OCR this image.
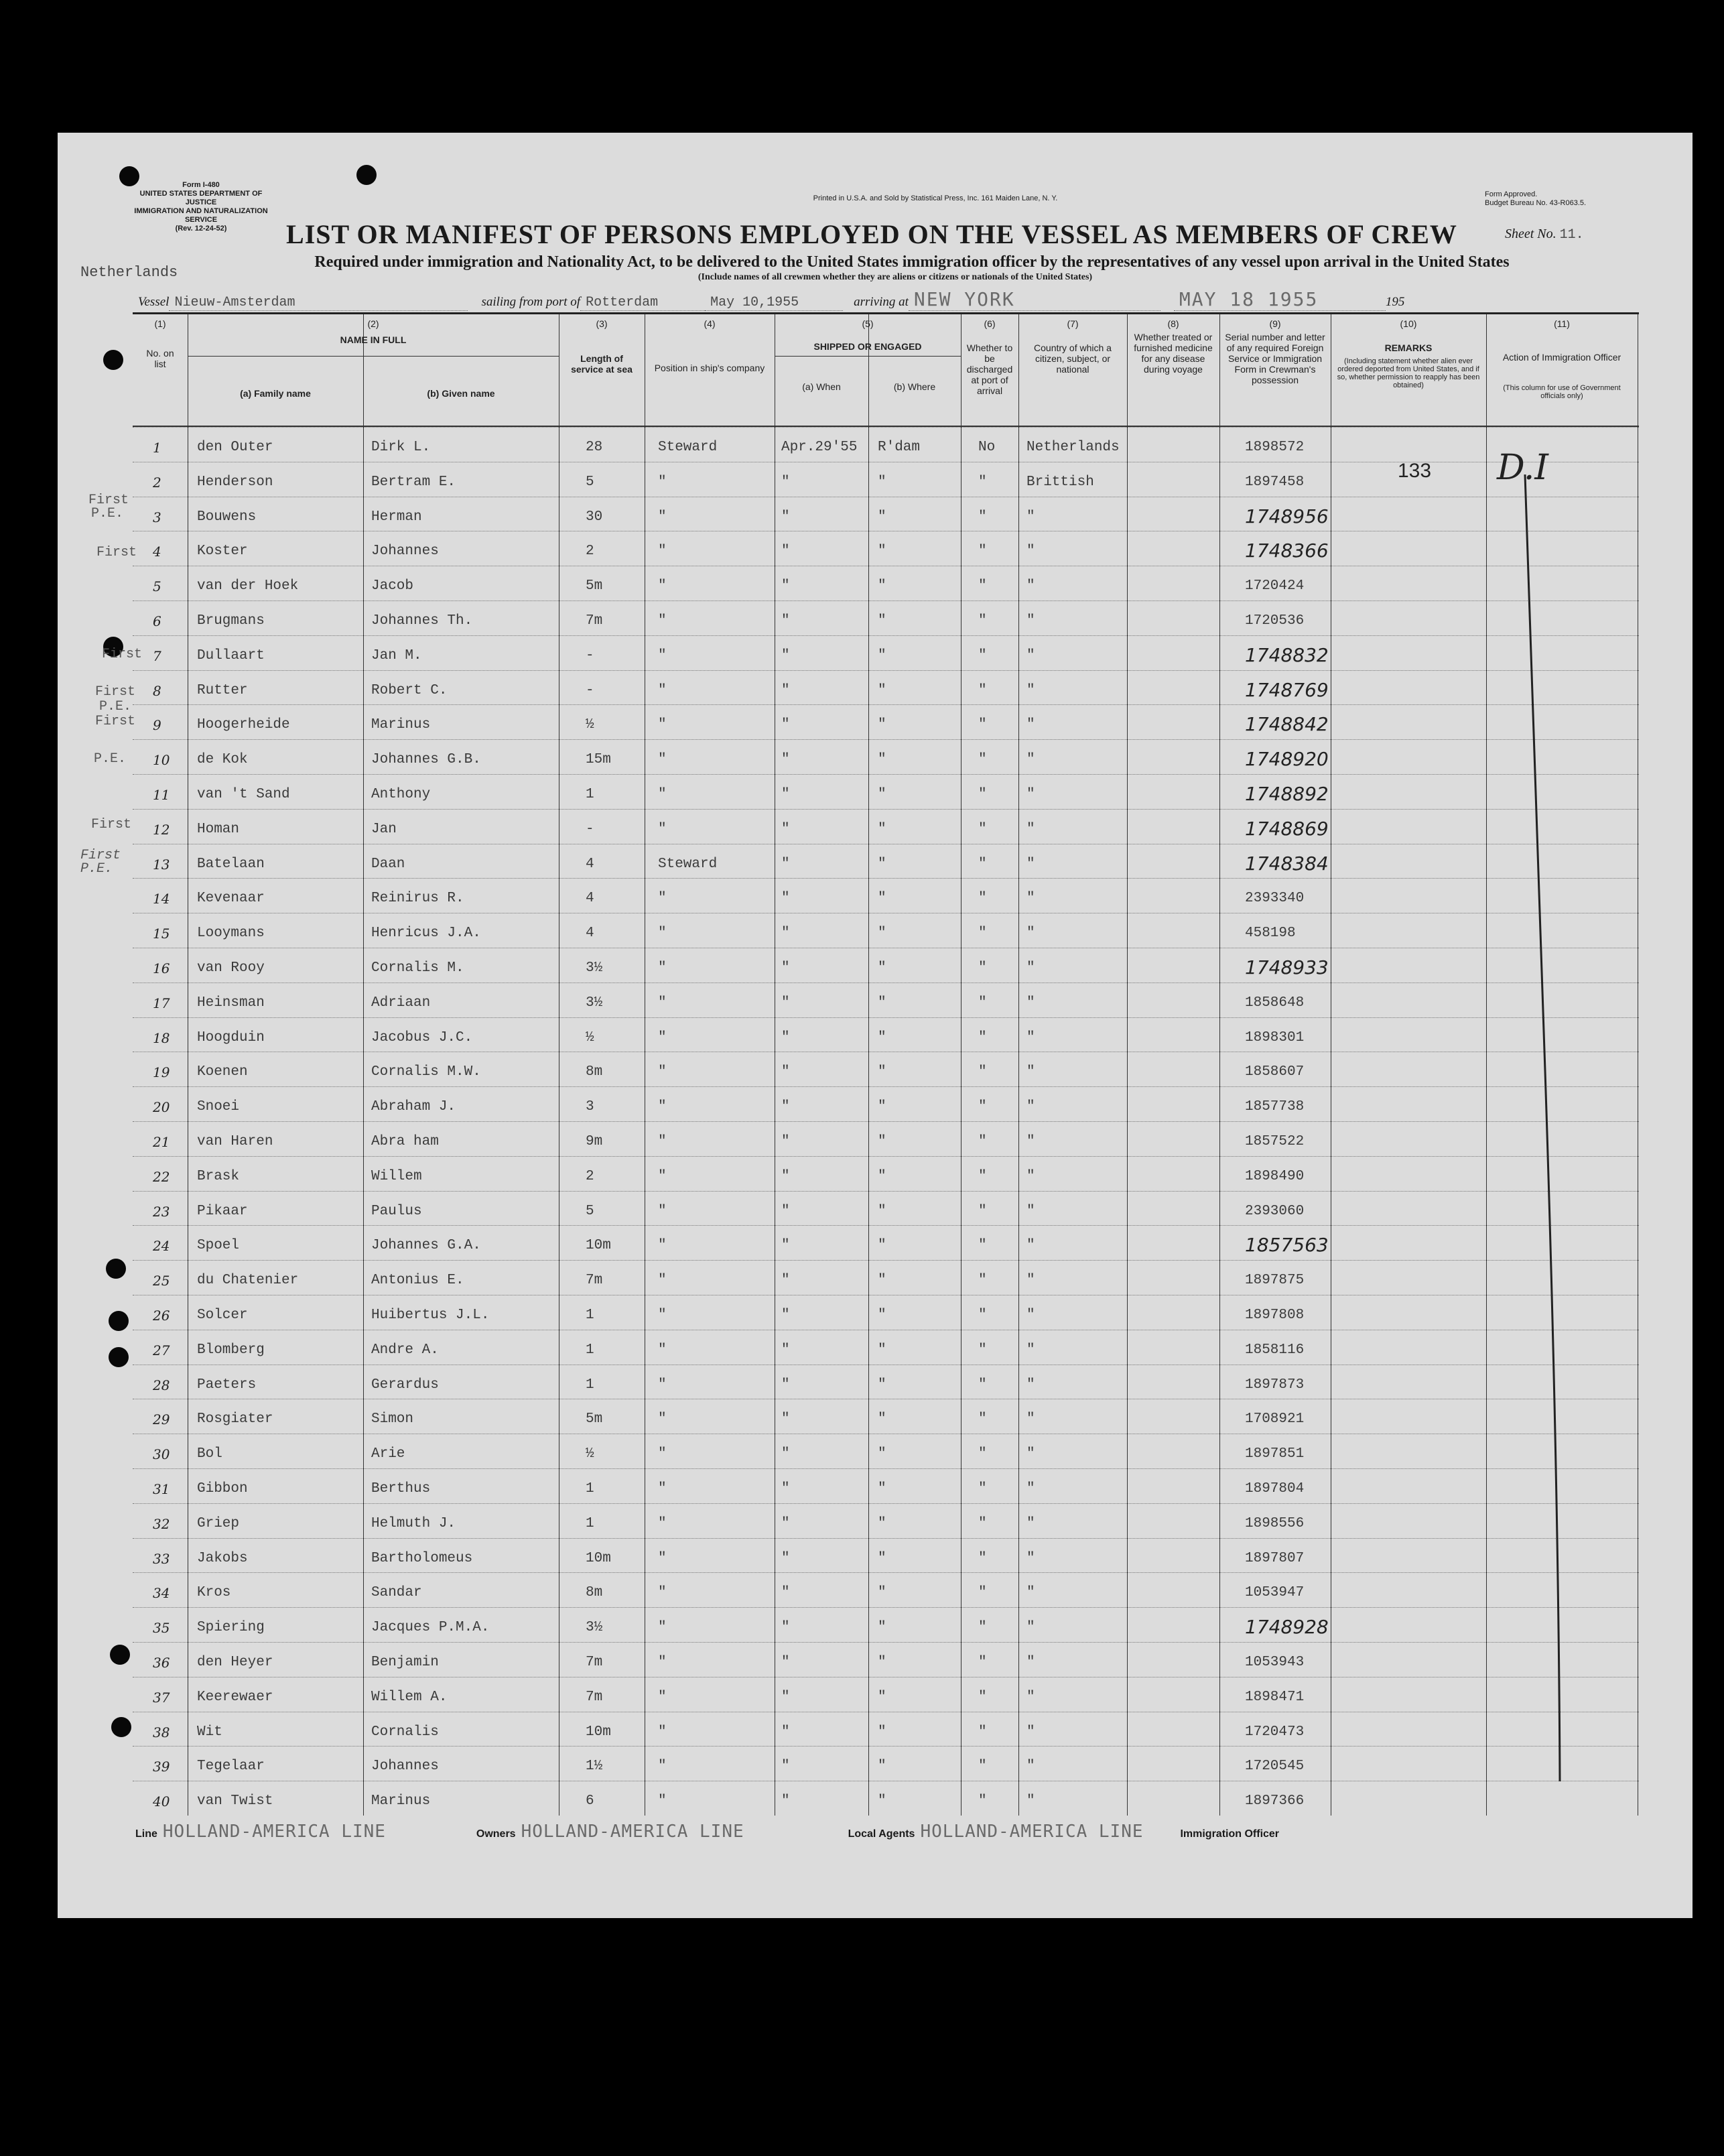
Form I-480
UNITED STATES DEPARTMENT OF JUSTICE
IMMIGRATION AND NATURALIZATION SERVICE
(Rev. 12-24-52)
Printed in U.S.A. and Sold by Statistical Press, Inc. 161 Maiden Lane, N. Y.	Form Approved.
Budget Bureau No. 43-R063.5.
LIST OR MANIFEST OF PERSONS EMPLOYED ON THE VESSEL AS MEMBERS OF CREW	Sheet No. 11.
Required under immigration and Nationality Act, to be delivered to the United States immigration officer by the representatives of any vessel upon arrival in the United States
(Include names of all crewmen whether they are aliens or citizens or nationals of the United States)
Netherlands
Vessel Nieuw-Amsterdam	sailing from port of Rotterdam	May 10,1955	arriving at NEW YORK	MAY 18 1955	195
(1)
No. on list
(2)
NAME IN FULL
(a) Family name	(b) Given name
(3)
Length of service at sea
(4)
Position in ship's company
(5)
SHIPPED OR ENGAGED
(a) When	(b) Where
(6)
Whether to be discharged at port of arrival
(7)
Country of which a citizen, subject, or national
(8)
Whether treated or furnished medicine for any disease during voyage
(9)
Serial number and letter of any required Foreign Service or Immigration Form in Crewman's possession
(10)
REMARKS
(Including statement whether alien ever ordered deported from United States, and if so, whether permission to reapply has been obtained)
(11)
Action of Immigration Officer
(This column for use of Government officials only)
1	den Outer	Dirk L.	28	Steward	Apr.29'55 R'dam	No Netherlands	1898572
2	Henderson	Bertram E.	5	"	"	"	"	Brittish	1897458
3	Bouwens	Herman	30	"	"	"	"	"	1748956
4	Koster	Johannes	2	"	"	"	"	"	1748366
5	van der Hoek	Jacob	5m	"	"	"	"	"	1720424
6	Brugmans	Johannes Th.	7m	"	"	"	"	"	1720536
7	Dullaart	Jan M.	-	"	"	"	"	"	1748832
8	Rutter	Robert C.	-	"	"	"	"	"	1748769
9	Hoogerheide	Marinus	½	"	"	"	"	"	1748842
10 de Kok	Johannes G.B.	15m	"	"	"	"	"	1748920
11 van 't Sand	Anthony	1	"	"	"	"	"	1748892
12 Homan	Jan	-	"	"	"	"	"	1748869
13 Batelaan	Daan	4	Steward	"	"	"	"	1748384
14 Kevenaar	Reinirus R.	4	"	"	"	"	"	2393340
15 Looymans	Henricus J.A.	4	"	"	"	"	"	458198
16 van Rooy	Cornalis M.	3½	"	"	"	"	"	1748933
17 Heinsman	Adriaan	3½	"	"	"	"	"	1858648
18 Hoogduin	Jacobus J.C.	½	"	"	"	"	"	1898301
19 Koenen	Cornalis M.W.	8m	"	"	"	"	"	1858607
20 Snoei	Abraham J.	3	"	"	"	"	"	1857738
21 van Haren	Abra ham	9m	"	"	"	"	"	1857522
22 Brask	Willem	2	"	"	"	"	"	1898490
23 Pikaar	Paulus	5	"	"	"	"	"	2393060
24 Spoel	Johannes G.A.	10m	"	"	"	"	"	1857563
25 du Chatenier	Antonius E.	7m	"	"	"	"	"	1897875
26 Solcer	Huibertus J.L.	1	"	"	"	"	"	1897808
27 Blomberg	Andre A.	1	"	"	"	"	"	1858116
28 Paeters	Gerardus	1	"	"	"	"	"	1897873
29 Rosgiater	Simon	5m	"	"	"	"	"	1708921
30 Bol	Arie	½	"	"	"	"	"	1897851
31 Gibbon	Berthus	1	"	"	"	"	"	1897804
32 Griep	Helmuth J.	1	"	"	"	"	"	1898556
33 Jakobs	Bartholomeus	10m	"	"	"	"	"	1897807
34 Kros	Sandar	8m	"	"	"	"	"	1053947
35 Spiering	Jacques P.M.A.	3½	"	"	"	"	"	1748928
36 den Heyer	Benjamin	7m	"	"	"	"	"	1053943
37 Keerewaer	Willem A.	7m	"	"	"	"	"	1898471
38 Wit	Cornalis	10m	"	"	"	"	"	1720473
39 Tegelaar	Johannes	1½	"	"	"	"	"	1720545
40 van Twist	Marinus	6	"	"	"	"	"	1897366
133 D.I
First
P.E.
First
First
First
P.E.
First
P.E.
First
First
P.E.
Line HOLLAND-AMERICA LINE	Owners HOLLAND-AMERICA LINE	Local Agents HOLLAND-AMERICA LINE	Immigration Officer
